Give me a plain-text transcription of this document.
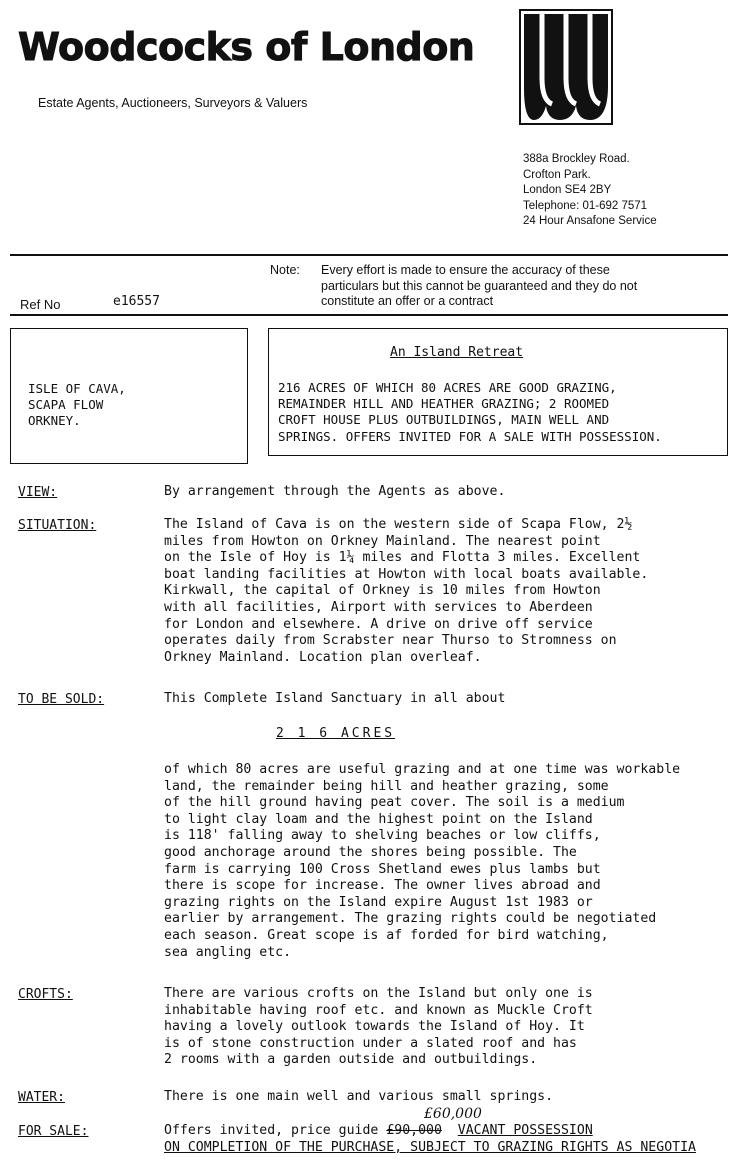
Woodcocks of London
Estate Agents, Auctioneers, Surveyors & Valuers
388a Brockley Road.
Crofton Park.
London SE4 2BY
Telephone: 01-692 7571
24 Hour Ansafone Service
Note: Every effort is made to ensure the accuracy of these
particulars but this cannot be guaranteed and they do not
constitute an offer or a contract
Ref No	e16557
ISLE OF CAVA,
SCAPA FLOW
ORKNEY.
An Island Retreat
216 ACRES OF WHICH 80 ACRES ARE GOOD GRAZING,
REMAINDER HILL AND HEATHER GRAZING; 2 ROOMED
CROFT HOUSE PLUS OUTBUILDINGS, MAIN WELL AND
SPRINGS. OFFERS INVITED FOR A SALE WITH POSSESSION.
VIEW:	By arrangement through the Agents as above.
SITUATION:	The Island of Cava is on the western side of Scapa Flow, 2½
miles from Howton on Orkney Mainland. The nearest point
on the Isle of Hoy is 1¼ miles and Flotta 3 miles. Excellent
boat landing facilities at Howton with local boats available.
Kirkwall, the capital of Orkney is 10 miles from Howton
with all facilities, Airport with services to Aberdeen
for London and elsewhere. A drive on drive off service
operates daily from Scrabster near Thurso to Stromness on
Orkney Mainland. Location plan overleaf.
TO BE SOLD:	This Complete Island Sanctuary in all about
2 1 6 ACRES
of which 80 acres are useful grazing and at one time was workable
land, the remainder being hill and heather grazing, some
of the hill ground having peat cover. The soil is a medium
to light clay loam and the highest point on the Island
is 118' falling away to shelving beaches or low cliffs,
good anchorage around the shores being possible. The
farm is carrying 100 Cross Shetland ewes plus lambs but
there is scope for increase. The owner lives abroad and
grazing rights on the Island expire August 1st 1983 or
earlier by arrangement. The grazing rights could be negotiated
each season. Great scope is af forded for bird watching,
sea angling etc.
CROFTS:	There are various crofts on the Island but only one is
inhabitable having roof etc. and known as Muckle Croft
having a lovely outlook towards the Island of Hoy. It
is of stone construction under a slated roof and has
2 rooms with a garden outside and outbuildings.
WATER:	There is one main well and various small springs.
£60,000
FOR SALE:	Offers invited, price guide £90,000 VACANT POSSESSION
ON COMPLETION OF THE PURCHASE, SUBJECT TO GRAZING RIGHTS AS NEGOTIA
